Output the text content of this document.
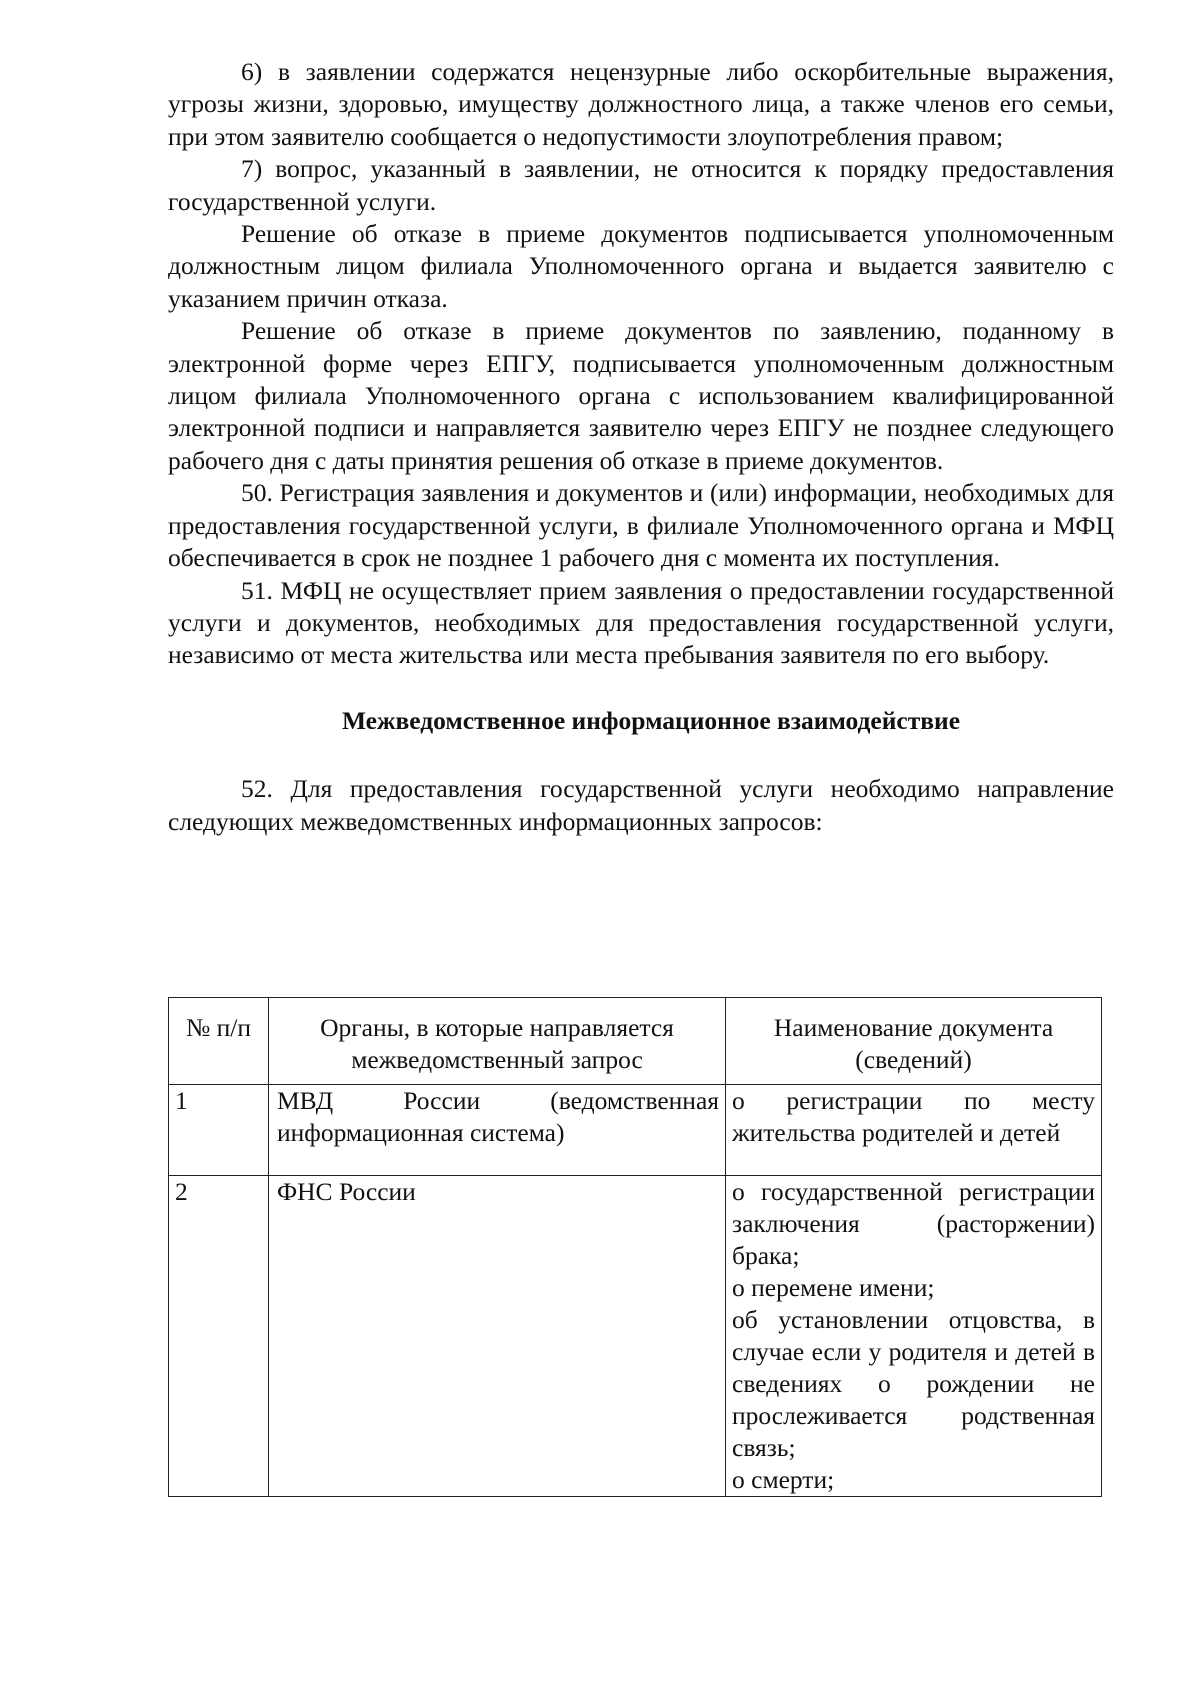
6) в заявлении содержатся нецензурные либо оскорбительные выражения, угрозы жизни, здоровью, имуществу должностного лица, а также членов его семьи, при этом заявителю сообщается о недопустимости злоупотребления правом;

7) вопрос, указанный в заявлении, не относится к порядку предоставления государственной услуги.

Решение об отказе в приеме документов подписывается уполномоченным должностным лицом филиала Уполномоченного органа и выдается заявителю с указанием причин отказа.

Решение об отказе в приеме документов по заявлению, поданному в электронной форме через ЕПГУ, подписывается уполномоченным должностным лицом филиала Уполномоченного органа с использованием квалифицированной электронной подписи и направляется заявителю через ЕПГУ не позднее следующего рабочего дня с даты принятия решения об отказе в приеме документов.

50. Регистрация заявления и документов и (или) информации, необходимых для предоставления государственной услуги, в филиале Уполномоченного органа и МФЦ обеспечивается в срок не позднее 1 рабочего дня с момента их поступления.

51. МФЦ не осуществляет прием заявления о предоставлении государственной услуги и документов, необходимых для предоставления государственной услуги, независимо от места жительства или места пребывания заявителя по его выбору.

Межведомственное информационное взаимодействие

52. Для предоставления государственной услуги необходимо направление следующих межведомственных информационных запросов:

№ п/п	Органы, в которые направляется межведомственный запрос	Наименование документа (сведений)
1	МВД России (ведомственная информационная система)	о регистрации по месту жительства родителей и детей

2	ФНС России	о государственной регистрации заключения (расторжении) брака;
о перемене имени;
об установлении отцовства, в случае если у родителя и детей в сведениях о рождении не прослеживается родственная связь;
о смерти;
